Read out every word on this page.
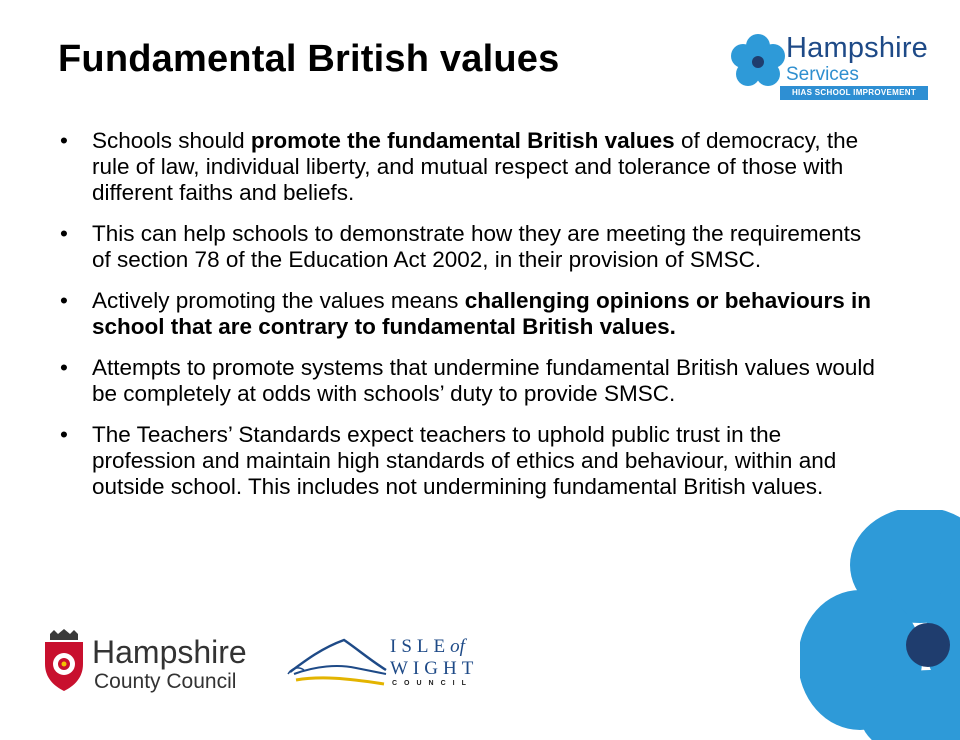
Fundamental British values	Hampshire
Services
HIAS SCHOOL IMPROVEMENT
• Schools should promote the fundamental British values of democracy, the rule of law, individual liberty, and mutual respect and tolerance of those with different faiths and beliefs.
• This can help schools to demonstrate how they are meeting the requirements of section 78 of the Education Act 2002, in their provision of SMSC.
• Actively promoting the values means challenging opinions or behaviours in school that are contrary to fundamental British values.
• Attempts to promote systems that undermine fundamental British values would be completely at odds with schools’ duty to provide SMSC.
• The Teachers’ Standards expect teachers to uphold public trust in the profession and maintain high standards of ethics and behaviour, within and outside school. This includes not undermining fundamental British values.
Hampshire
County Council
ISLEof
WIGHT
COUNCIL
